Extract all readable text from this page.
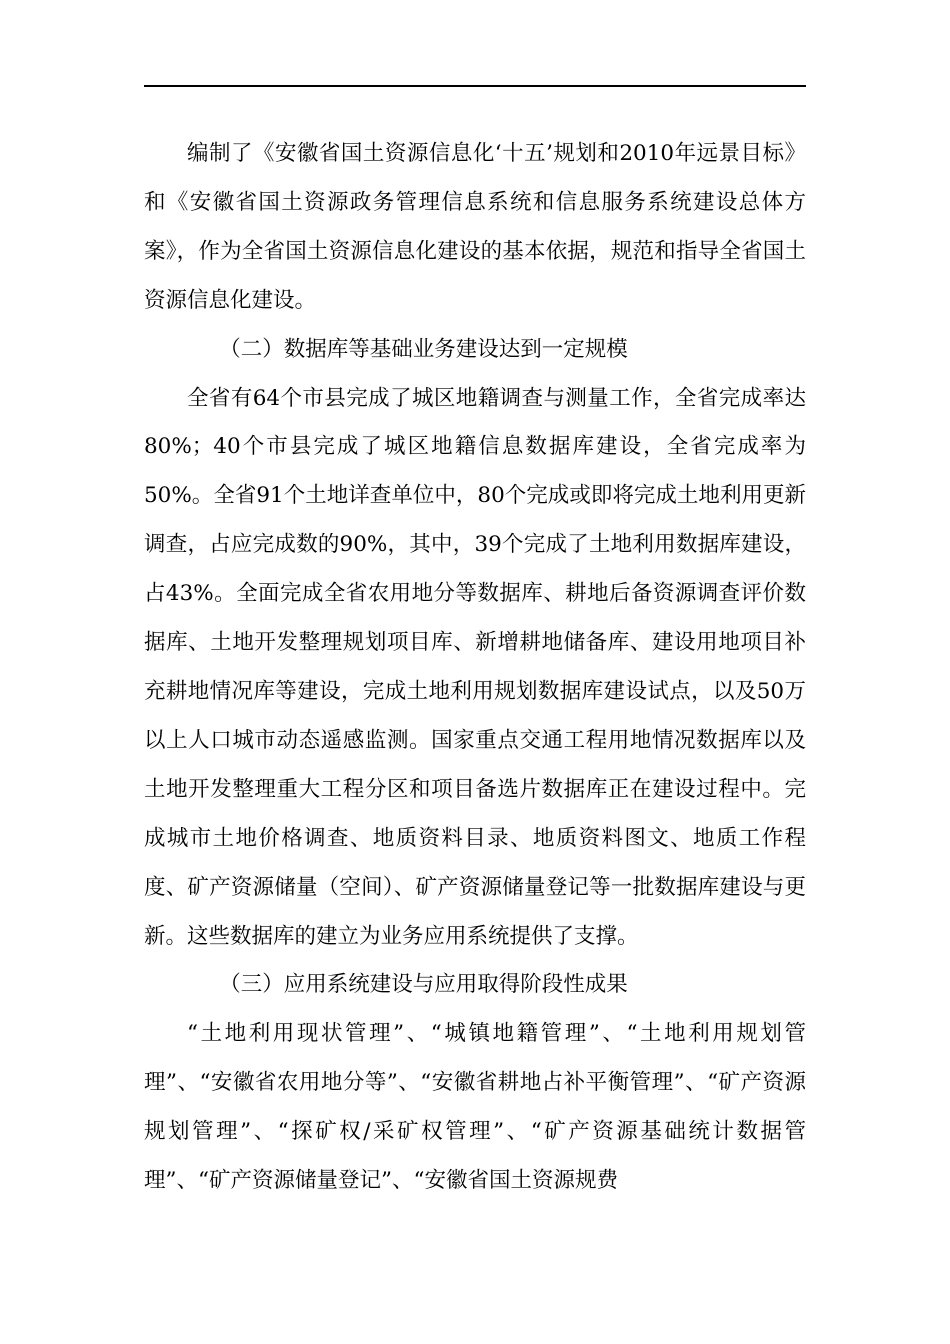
编制了《安徽省国土资源信息化‘十五’规划和2010年远景目标》和《安徽省国土资源政务管理信息系统和信息服务系统建设总体方案》，作为全省国土资源信息化建设的基本依据，规范和指导全省国土资源信息化建设。

（二）数据库等基础业务建设达到一定规模

全省有64个市县完成了城区地籍调查与测量工作，全省完成率达80%；40个市县完成了城区地籍信息数据库建设，全省完成率为50%。全省91个土地详查单位中，80个完成或即将完成土地利用更新调查，占应完成数的90%，其中，39个完成了土地利用数据库建设，占43%。全面完成全省农用地分等数据库、耕地后备资源调查评价数据库、土地开发整理规划项目库、新增耕地储备库、建设用地项目补充耕地情况库等建设，完成土地利用规划数据库建设试点，以及50万以上人口城市动态遥感监测。国家重点交通工程用地情况数据库以及土地开发整理重大工程分区和项目备选片数据库正在建设过程中。完成城市土地价格调查、地质资料目录、地质资料图文、地质工作程度、矿产资源储量（空间）、矿产资源储量登记等一批数据库建设与更新。这些数据库的建立为业务应用系统提供了支撑。

（三）应用系统建设与应用取得阶段性成果

“土地利用现状管理”、“城镇地籍管理”、“土地利用规划管理”、“安徽省农用地分等”、“安徽省耕地占补平衡管理”、“矿产资源规划管理”、“探矿权/采矿权管理”、“矿产资源基础统计数据管理”、“矿产资源储量登记”、“安徽省国土资源规费
